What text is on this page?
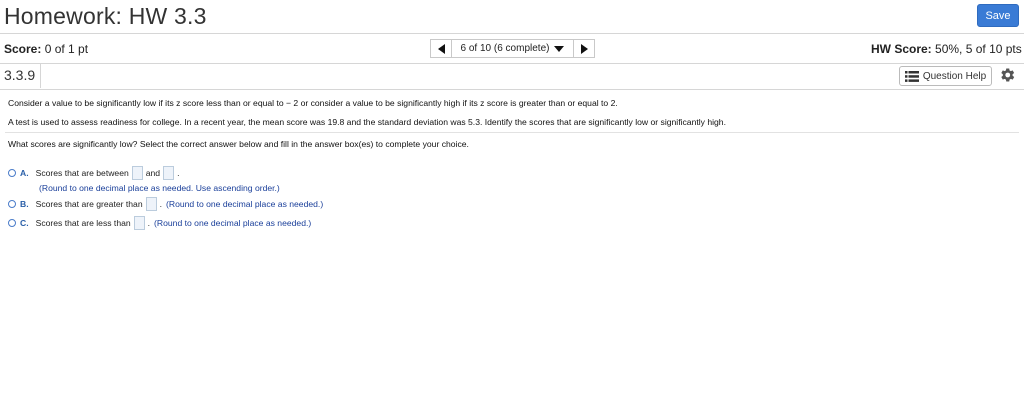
Homework: HW 3.3	Save
Score: 0 of 1 pt	6 of 10 (6 complete)	HW Score: 50%, 5 of 10 pts
3.3.9	Question Help
Consider a value to be significantly low if its z score less than or equal to − 2 or consider a value to be significantly high if its z score is greater than or equal to 2.
A test is used to assess readiness for college. In a recent year, the mean score was 19.8 and the standard deviation was 5.3. Identify the scores that are significantly low or significantly high.
What scores are significantly low? Select the correct answer below and fill in the answer box(es) to complete your choice.
A. Scores that are between and .
(Round to one decimal place as needed. Use ascending order.)
B. Scores that are greater than . (Round to one decimal place as needed.)
C. Scores that are less than . (Round to one decimal place as needed.)
